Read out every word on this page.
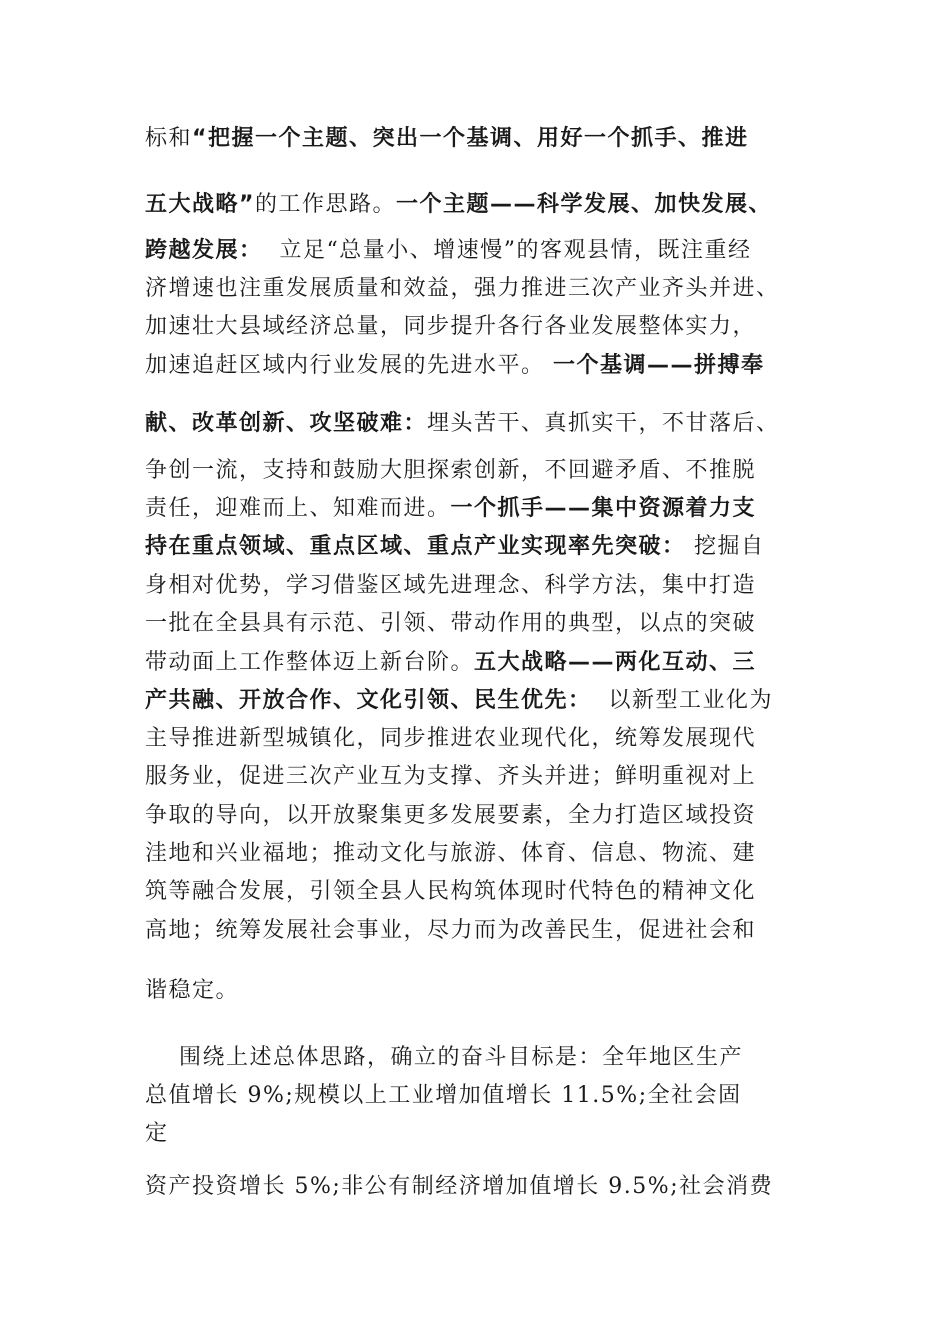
标和“把握一个主题、突出一个基调、用好一个抓手、推进
五大战略”的工作思路。一个主题——科学发展、加快发展、
跨越发展：  立足“总量小、增速慢”的客观县情，既注重经
济增速也注重发展质量和效益，强力推进三次产业齐头并进、
加速壮大县域经济总量，同步提升各行各业发展整体实力，
加速追赶区域内行业发展的先进水平。 一个基调——拼搏奉
献、改革创新、攻坚破难：埋头苦干、真抓实干，不甘落后、
争创一流，支持和鼓励大胆探索创新，不回避矛盾、不推脱
责任，迎难而上、知难而进。一个抓手——集中资源着力支
持在重点领域、重点区域、重点产业实现率先突破： 挖掘自
身相对优势，学习借鉴区域先进理念、科学方法，集中打造
一批在全县具有示范、引领、带动作用的典型，以点的突破
带动面上工作整体迈上新台阶。五大战略——两化互动、三
产共融、开放合作、文化引领、民生优先：  以新型工业化为
主导推进新型城镇化，同步推进农业现代化，统筹发展现代
服务业，促进三次产业互为支撑、齐头并进；鲜明重视对上
争取的导向，以开放聚集更多发展要素，全力打造区域投资
洼地和兴业福地；推动文化与旅游、体育、信息、物流、建
筑等融合发展，引领全县人民构筑体现时代特色的精神文化
高地；统筹发展社会事业，尽力而为改善民生，促进社会和
谐稳定。
围绕上述总体思路，确立的奋斗目标是：全年地区生产
总值增长 9%;规模以上工业增加值增长 11.5%;全社会固
定
资产投资增长 5%;非公有制经济增加值增长 9.5%;社会消费
